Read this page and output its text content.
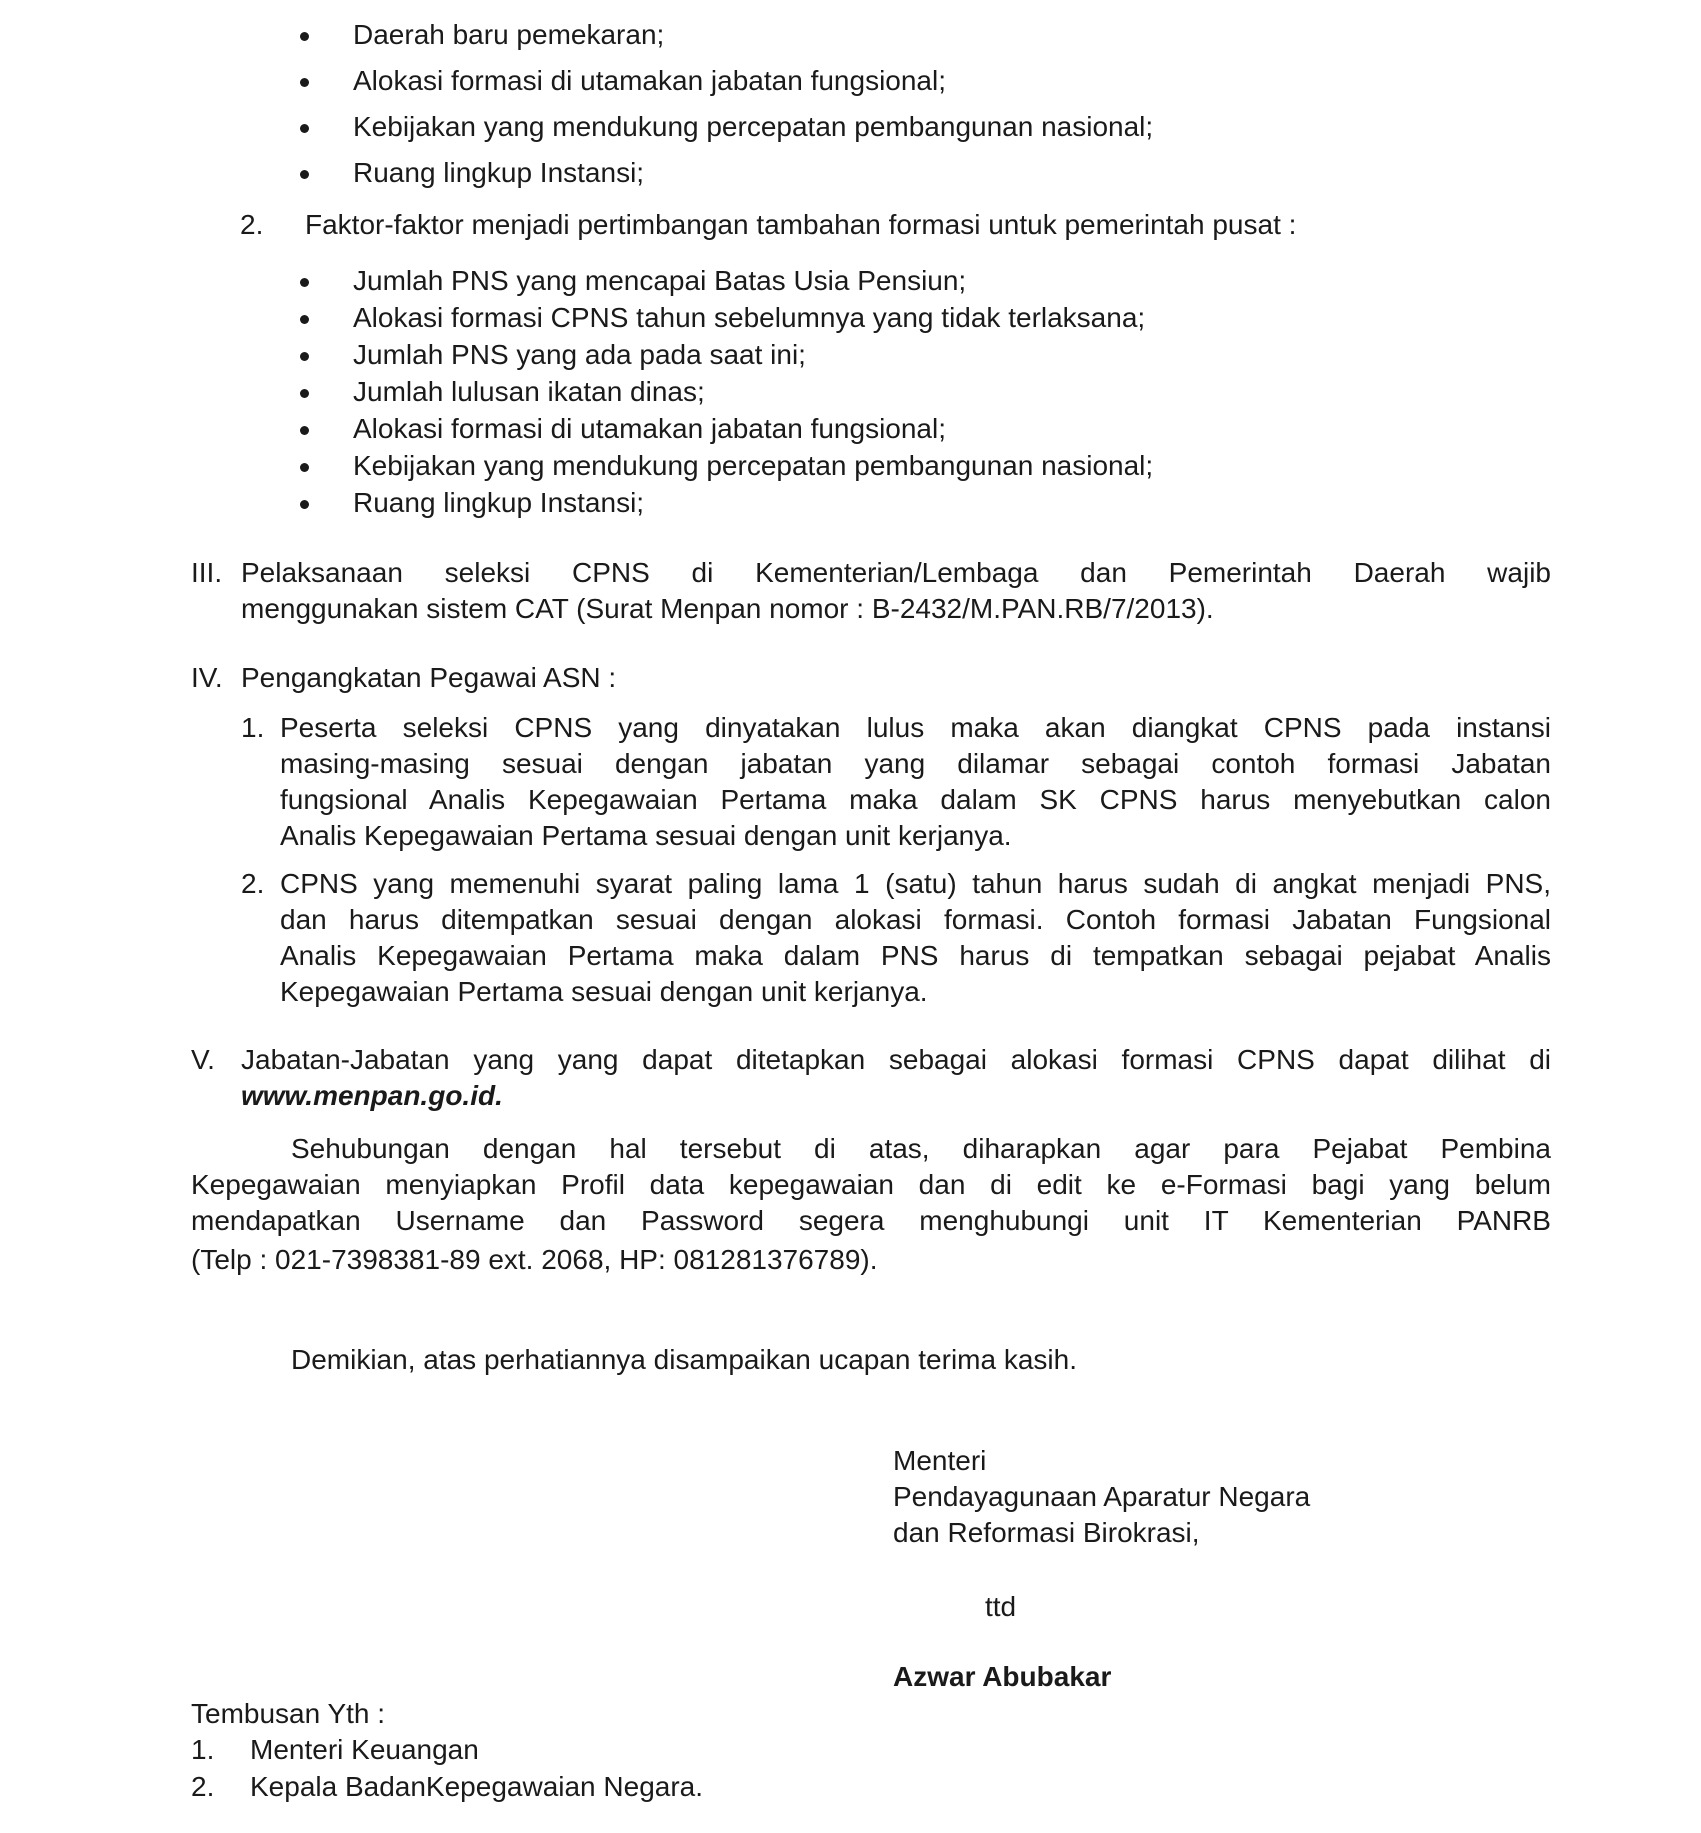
Daerah baru pemekaran;
Alokasi formasi di utamakan jabatan fungsional;
Kebijakan yang mendukung percepatan pembangunan nasional;
Ruang lingkup Instansi;
2. Faktor-faktor menjadi pertimbangan tambahan formasi untuk pemerintah pusat :
Jumlah PNS yang mencapai Batas Usia Pensiun;
Alokasi formasi CPNS tahun sebelumnya yang tidak terlaksana;
Jumlah PNS yang ada pada saat ini;
Jumlah lulusan ikatan dinas;
Alokasi formasi di utamakan jabatan fungsional;
Kebijakan yang mendukung percepatan pembangunan nasional;
Ruang lingkup Instansi;
III. Pelaksanaan seleksi CPNS di Kementerian/Lembaga dan Pemerintah Daerah wajib
menggunakan sistem CAT (Surat Menpan nomor : B-2432/M.PAN.RB/7/2013).
IV. Pengangkatan Pegawai ASN :
1. Peserta seleksi CPNS yang dinyatakan lulus maka akan diangkat CPNS pada instansi
masing-masing sesuai dengan jabatan yang dilamar sebagai contoh formasi Jabatan
fungsional Analis Kepegawaian Pertama maka dalam SK CPNS harus menyebutkan calon
Analis Kepegawaian Pertama sesuai dengan unit kerjanya.
2. CPNS yang memenuhi syarat paling lama 1 (satu) tahun harus sudah di angkat menjadi PNS,
dan harus ditempatkan sesuai dengan alokasi formasi. Contoh formasi Jabatan Fungsional
Analis Kepegawaian Pertama maka dalam PNS harus di tempatkan sebagai pejabat Analis
Kepegawaian Pertama sesuai dengan unit kerjanya.
V. Jabatan-Jabatan yang yang dapat ditetapkan sebagai alokasi formasi CPNS dapat dilihat di
www.menpan.go.id.
Sehubungan dengan hal tersebut di atas, diharapkan agar para Pejabat Pembina
Kepegawaian menyiapkan Profil data kepegawaian dan di edit ke e-Formasi bagi yang belum
mendapatkan Username dan Password segera menghubungi unit IT Kementerian PANRB
(Telp : 021-7398381-89 ext. 2068, HP: 081281376789).
Demikian, atas perhatiannya disampaikan ucapan terima kasih.
Menteri
Pendayagunaan Aparatur Negara
dan Reformasi Birokrasi,
ttd
Azwar Abubakar
Tembusan Yth :
1. Menteri Keuangan
2. Kepala BadanKepegawaian Negara.
